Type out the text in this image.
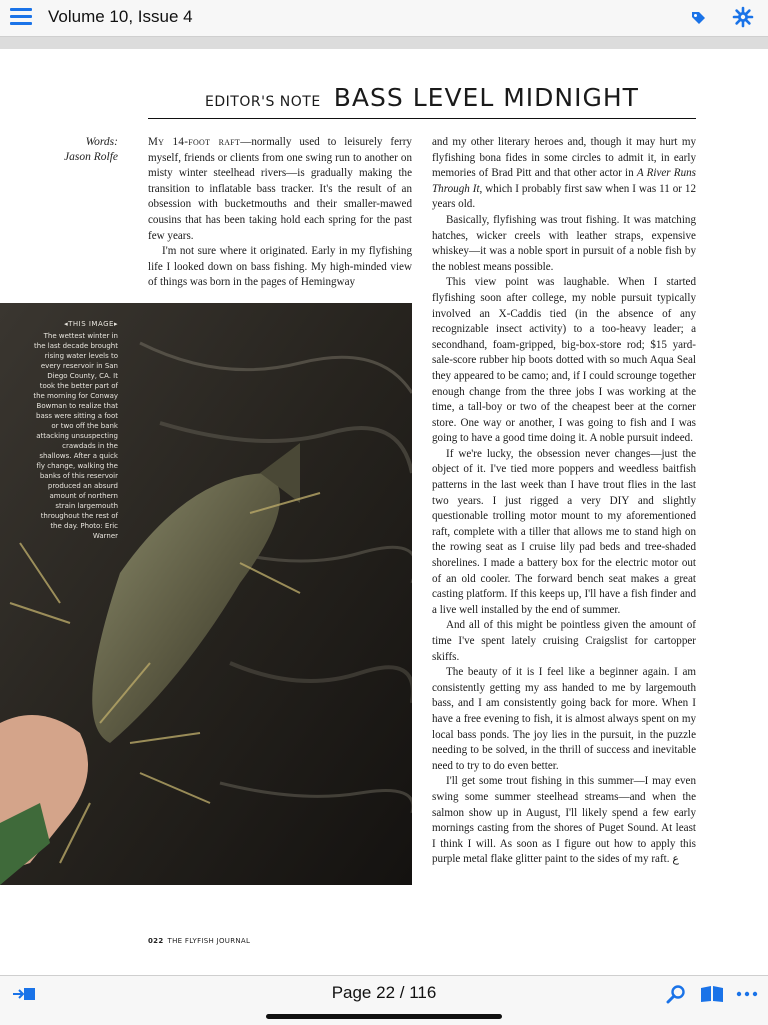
Volume 10, Issue 4
EDITOR'S NOTE BASS LEVEL MIDNIGHT
Words:
Jason Rolfe

My 14-foot raft—normally used to leisurely ferry myself, friends or clients from one swing run to another on misty winter steelhead rivers—is gradually making the transition to inflatable bass tracker. It's the result of an obsession with bucketmouths and their smaller-mawed cousins that has been taking hold each spring for the past few years.

I'm not sure where it originated. Early in my flyfishing life I looked down on bass fishing. My high-minded view of things was born in the pages of Hemingway

and my other literary heroes and, though it may hurt my flyfishing bona fides in some circles to admit it, in early memories of Brad Pitt and that other actor in A River Runs Through It, which I probably first saw when I was 11 or 12 years old.

Basically, flyfishing was trout fishing. It was matching hatches, wicker creels with leather straps, expensive whiskey—it was a noble sport in pursuit of a noble fish by the noblest means possible.

This view point was laughable. When I started flyfishing soon after college, my noble pursuit typically involved an X-Caddis tied (in the absence of any recognizable insect activity) to a too-heavy leader; a secondhand, foam-gripped, big-box-store rod; $15 yard-sale-score rubber hip boots dotted with so much Aqua Seal they appeared to be camo; and, if I could scrounge together enough change from the three jobs I was working at the time, a tall-boy or two of the cheapest beer at the corner store. One way or another, I was going to fish and I was going to have a good time doing it. A noble pursuit indeed.

If we're lucky, the obsession never changes—just the object of it. I've tied more poppers and weedless baitfish patterns in the last week than I have trout flies in the last two years. I just rigged a very DIY and slightly questionable trolling motor mount to my aforementioned raft, complete with a tiller that allows me to stand high on the rowing seat as I cruise lily pad beds and tree-shaded shorelines. I made a battery box for the electric motor out of an old cooler. The forward bench seat makes a great casting platform. If this keeps up, I'll have a fish finder and a live well installed by the end of summer.

And all of this might be pointless given the amount of time I've spent lately cruising Craigslist for cartopper skiffs.

The beauty of it is I feel like a beginner again. I am consistently getting my ass handed to me by largemouth bass, and I am consistently going back for more. When I have a free evening to fish, it is almost always spent on my local bass ponds. The joy lies in the pursuit, in the puzzle needing to be solved, in the thrill of success and inevitable need to try to do even better.

I'll get some trout fishing in this summer—I may even swing some summer steelhead streams—and when the salmon show up in August, I'll likely spend a few early mornings casting from the shores of Puget Sound. At least I think I will. As soon as I figure out how to apply this purple metal flake glitter paint to the sides of my raft. ع

◂THIS IMAGE▸
The wettest winter in the last decade brought rising water levels to every reservoir in San Diego County, CA. It took the better part of the morning for Conway Bowman to realize that bass were sitting a foot or two off the bank attacking unsuspecting crawdads in the shallows. After a quick fly change, walking the banks of this reservoir produced an absurd amount of northern strain largemouth throughout the rest of the day. Photo: Eric Warner
022 THE FLYFISH JOURNAL
Page 22 / 116
